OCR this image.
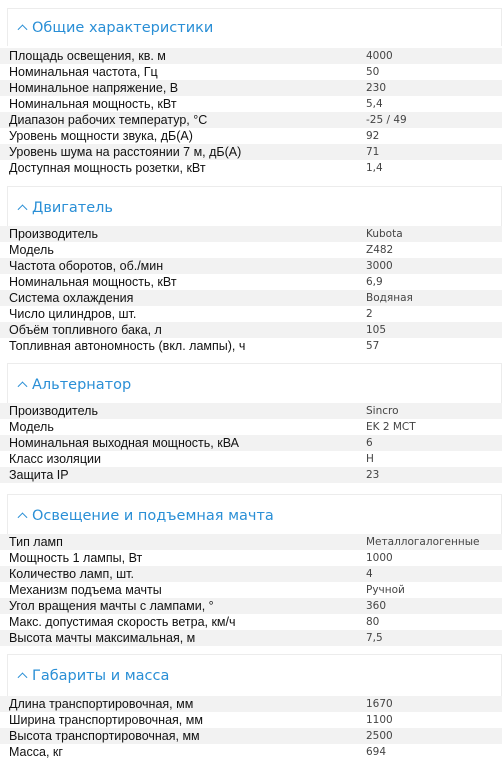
Общие характеристики
Площадь освещения, кв. м	4000
Номинальная частота, Гц	50
Номинальное напряжение, В	230
Номинальная мощность, кВт	5,4
Диапазон рабочих температур, °С	-25 / 49
Уровень мощности звука, дБ(А)	92
Уровень шума на расстоянии 7 м, дБ(А)	71
Доступная мощность розетки, кВт	1,4
Двигатель
Производитель	Kubota
Модель	Z482
Частота оборотов, об./мин	3000
Номинальная мощность, кВт	6,9
Система охлаждения	Водяная
Число цилиндров, шт.	2
Объём топливного бака, л	105
Топливная автономность (вкл. лампы), ч	57
Альтернатор
Производитель	Sincro
Модель	EK 2 MCT
Номинальная выходная мощность, кВА	6
Класс изоляции	H
Защита IP	23
Освещение и подъемная мачта
Тип ламп	Металлогалогенные
Мощность 1 лампы, Вт	1000
Количество ламп, шт.	4
Механизм подъема мачты	Ручной
Угол вращения мачты с лампами, °	360
Макс. допустимая скорость ветра, км/ч	80
Высота мачты максимальная, м	7,5
Габариты и масса
Длина транспортировочная, мм	1670
Ширина транспортировочная, мм	1100
Высота транспортировочная, мм	2500
Масса, кг	694
